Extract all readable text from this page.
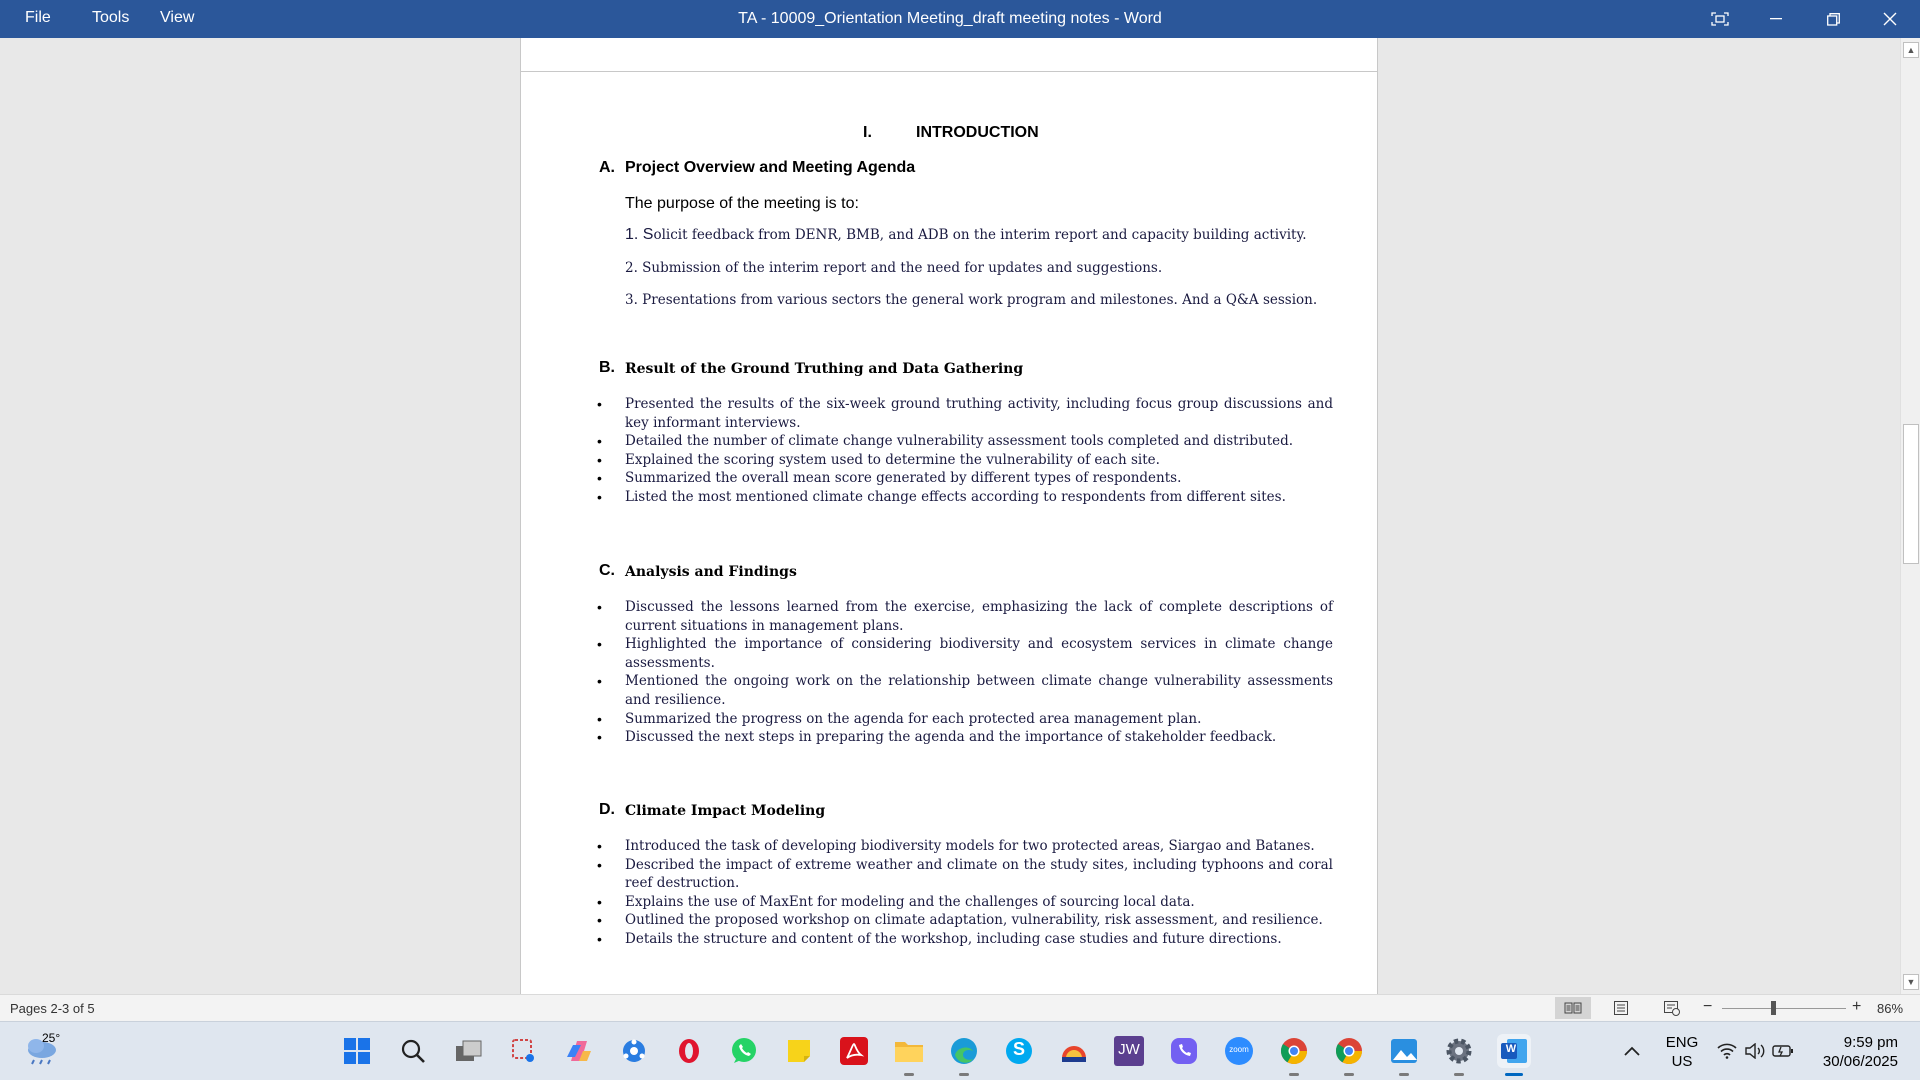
File	Tools View	TA - 10009_Orientation Meeting_draft meeting notes - Word
I.	INTRODUCTION
A. Project Overview and Meeting Agenda
The purpose of the meeting is to:
1. Solicit feedback from DENR, BMB, and ADB on the interim report and capacity building activity.
2. Submission of the interim report and the need for updates and suggestions.
3. Presentations from various sectors the general work program and milestones. And a Q&A session.
B. Result of the Ground Truthing and Data Gathering
• Presented the results of the six-week ground truthing activity, including focus group discussions and key informant interviews.
• Detailed the number of climate change vulnerability assessment tools completed and distributed.
• Explained the scoring system used to determine the vulnerability of each site.
• Summarized the overall mean score generated by different types of respondents.
• Listed the most mentioned climate change effects according to respondents from different sites.
C. Analysis and Findings
• Discussed the lessons learned from the exercise, emphasizing the lack of complete descriptions of current situations in management plans.
• Highlighted the importance of considering biodiversity and ecosystem services in climate change assessments.
• Mentioned the ongoing work on the relationship between climate change vulnerability assessments and resilience.
• Summarized the progress on the agenda for each protected area management plan.
• Discussed the next steps in preparing the agenda and the importance of stakeholder feedback.
D. Climate Impact Modeling
• Introduced the task of developing biodiversity models for two protected areas, Siargao and Batanes.
• Described the impact of extreme weather and climate on the study sites, including typhoons and coral reef destruction.
• Explains the use of MaxEnt for modeling and the challenges of sourcing local data.
• Outlined the proposed workshop on climate adaptation, vulnerability, risk assessment, and resilience.
• Details the structure and content of the workshop, including case studies and future directions.
▲
▼
Pages 2-3 of 5	−	+ 86%
25°
S	JW	zoom	W	ENG
US
9:59 pm
30/06/2025
